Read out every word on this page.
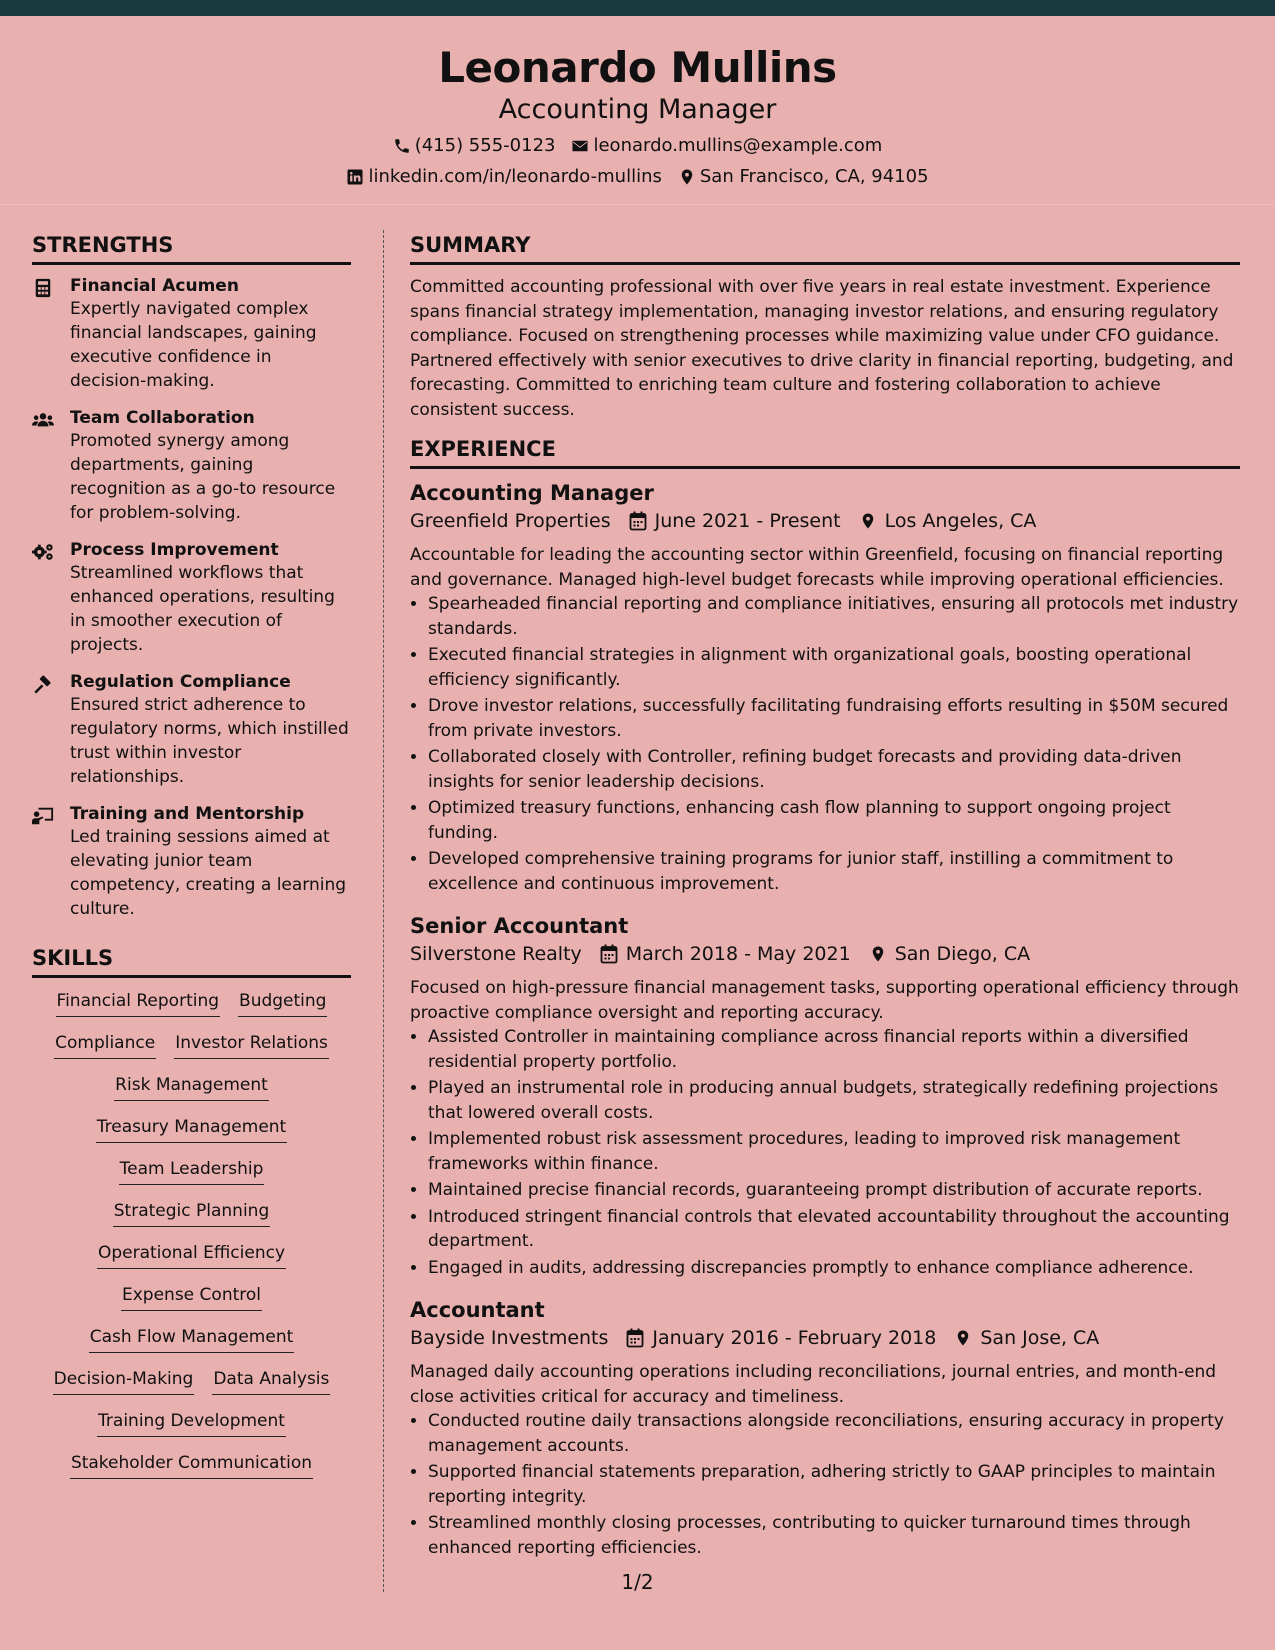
Leonardo Mullins
Accounting Manager
(415) 555-0123 leonardo.mullins@example.com
linkedin.com/in/leonardo-mullins San Francisco, CA, 94105
STRENGTHS
Financial Acumen
Expertly navigated complex financial landscapes, gaining executive confidence in decision-making.
Team Collaboration
Promoted synergy among departments, gaining recognition as a go-to resource for problem-solving.
Process Improvement
Streamlined workflows that enhanced operations, resulting in smoother execution of projects.
Regulation Compliance
Ensured strict adherence to regulatory norms, which instilled trust within investor relationships.
Training and Mentorship
Led training sessions aimed at elevating junior team competency, creating a learning culture.
SKILLS
Financial Reporting Budgeting
Compliance Investor Relations
Risk Management
Treasury Management
Team Leadership
Strategic Planning
Operational Efficiency
Expense Control
Cash Flow Management
Decision-Making Data Analysis
Training Development
Stakeholder Communication
SUMMARY
Committed accounting professional with over five years in real estate investment. Experience spans financial strategy implementation, managing investor relations, and ensuring regulatory compliance. Focused on strengthening processes while maximizing value under CFO guidance. Partnered effectively with senior executives to drive clarity in financial reporting, budgeting, and forecasting. Committed to enriching team culture and fostering collaboration to achieve consistent success.
EXPERIENCE
Accounting Manager
Greenfield Properties June 2021 - Present Los Angeles, CA
Accountable for leading the accounting sector within Greenfield, focusing on financial reporting and governance. Managed high-level budget forecasts while improving operational efficiencies.
• Spearheaded financial reporting and compliance initiatives, ensuring all protocols met industry standards.
• Executed financial strategies in alignment with organizational goals, boosting operational efficiency significantly.
• Drove investor relations, successfully facilitating fundraising efforts resulting in $50M secured from private investors.
• Collaborated closely with Controller, refining budget forecasts and providing data-driven insights for senior leadership decisions.
• Optimized treasury functions, enhancing cash flow planning to support ongoing project funding.
• Developed comprehensive training programs for junior staff, instilling a commitment to excellence and continuous improvement.
Senior Accountant
Silverstone Realty March 2018 - May 2021 San Diego, CA
Focused on high-pressure financial management tasks, supporting operational efficiency through proactive compliance oversight and reporting accuracy.
• Assisted Controller in maintaining compliance across financial reports within a diversified residential property portfolio.
• Played an instrumental role in producing annual budgets, strategically redefining projections that lowered overall costs.
• Implemented robust risk assessment procedures, leading to improved risk management frameworks within finance.
• Maintained precise financial records, guaranteeing prompt distribution of accurate reports.
• Introduced stringent financial controls that elevated accountability throughout the accounting department.
• Engaged in audits, addressing discrepancies promptly to enhance compliance adherence.
Accountant
Bayside Investments January 2016 - February 2018 San Jose, CA
Managed daily accounting operations including reconciliations, journal entries, and month-end close activities critical for accuracy and timeliness.
• Conducted routine daily transactions alongside reconciliations, ensuring accuracy in property management accounts.
• Supported financial statements preparation, adhering strictly to GAAP principles to maintain reporting integrity.
• Streamlined monthly closing processes, contributing to quicker turnaround times through enhanced reporting efficiencies.
1/2
